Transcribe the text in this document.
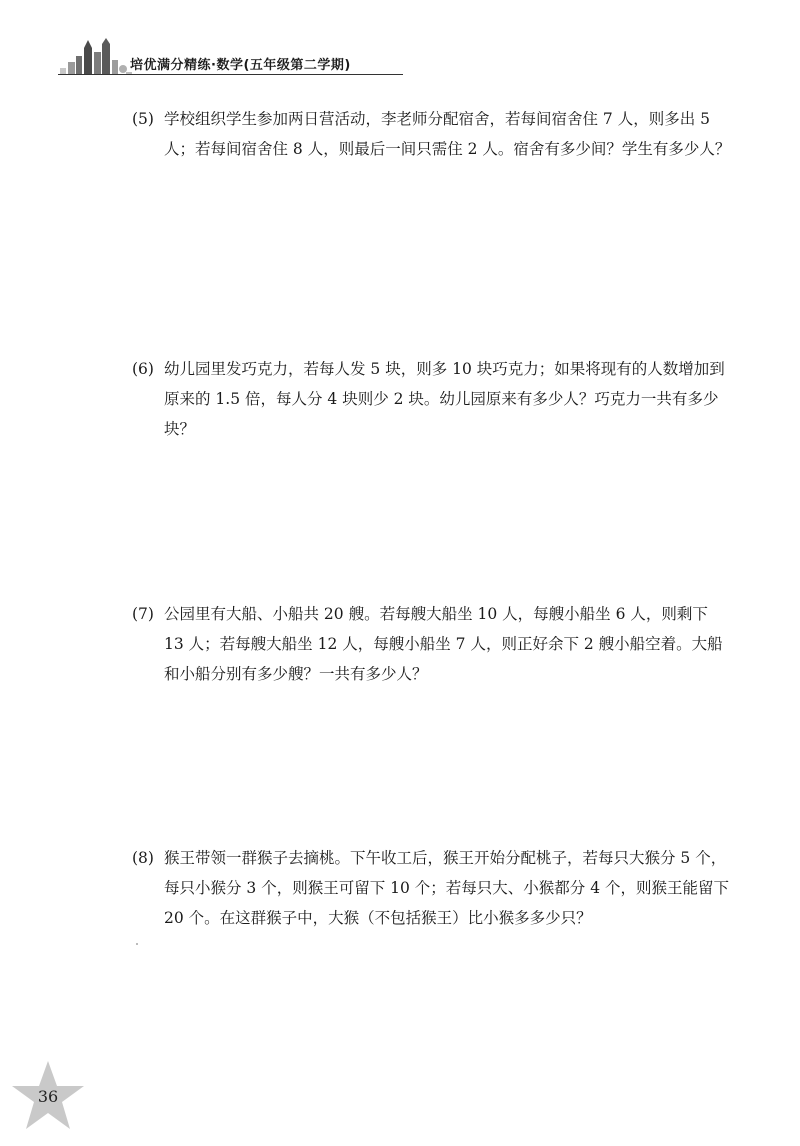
培优满分精练·数学(五年级第二学期)
(5) 学校组织学生参加两日营活动，李老师分配宿舍，若每间宿舍住 7 人，则多出 5 人；若每间宿舍住 8 人，则最后一间只需住 2 人。宿舍有多少间？学生有多少人？
(6) 幼儿园里发巧克力，若每人发 5 块，则多 10 块巧克力；如果将现有的人数增加到原来的 1.5 倍，每人分 4 块则少 2 块。幼儿园原来有多少人？巧克力一共有多少块？
(7) 公园里有大船、小船共 20 艘。若每艘大船坐 10 人，每艘小船坐 6 人，则剩下 13 人；若每艘大船坐 12 人，每艘小船坐 7 人，则正好余下 2 艘小船空着。大船和小船分别有多少艘？一共有多少人？
(8) 猴王带领一群猴子去摘桃。下午收工后，猴王开始分配桃子，若每只大猴分 5 个，每只小猴分 3 个，则猴王可留下 10 个；若每只大、小猴都分 4 个，则猴王能留下 20 个。在这群猴子中，大猴（不包括猴王）比小猴多多少只？
36
